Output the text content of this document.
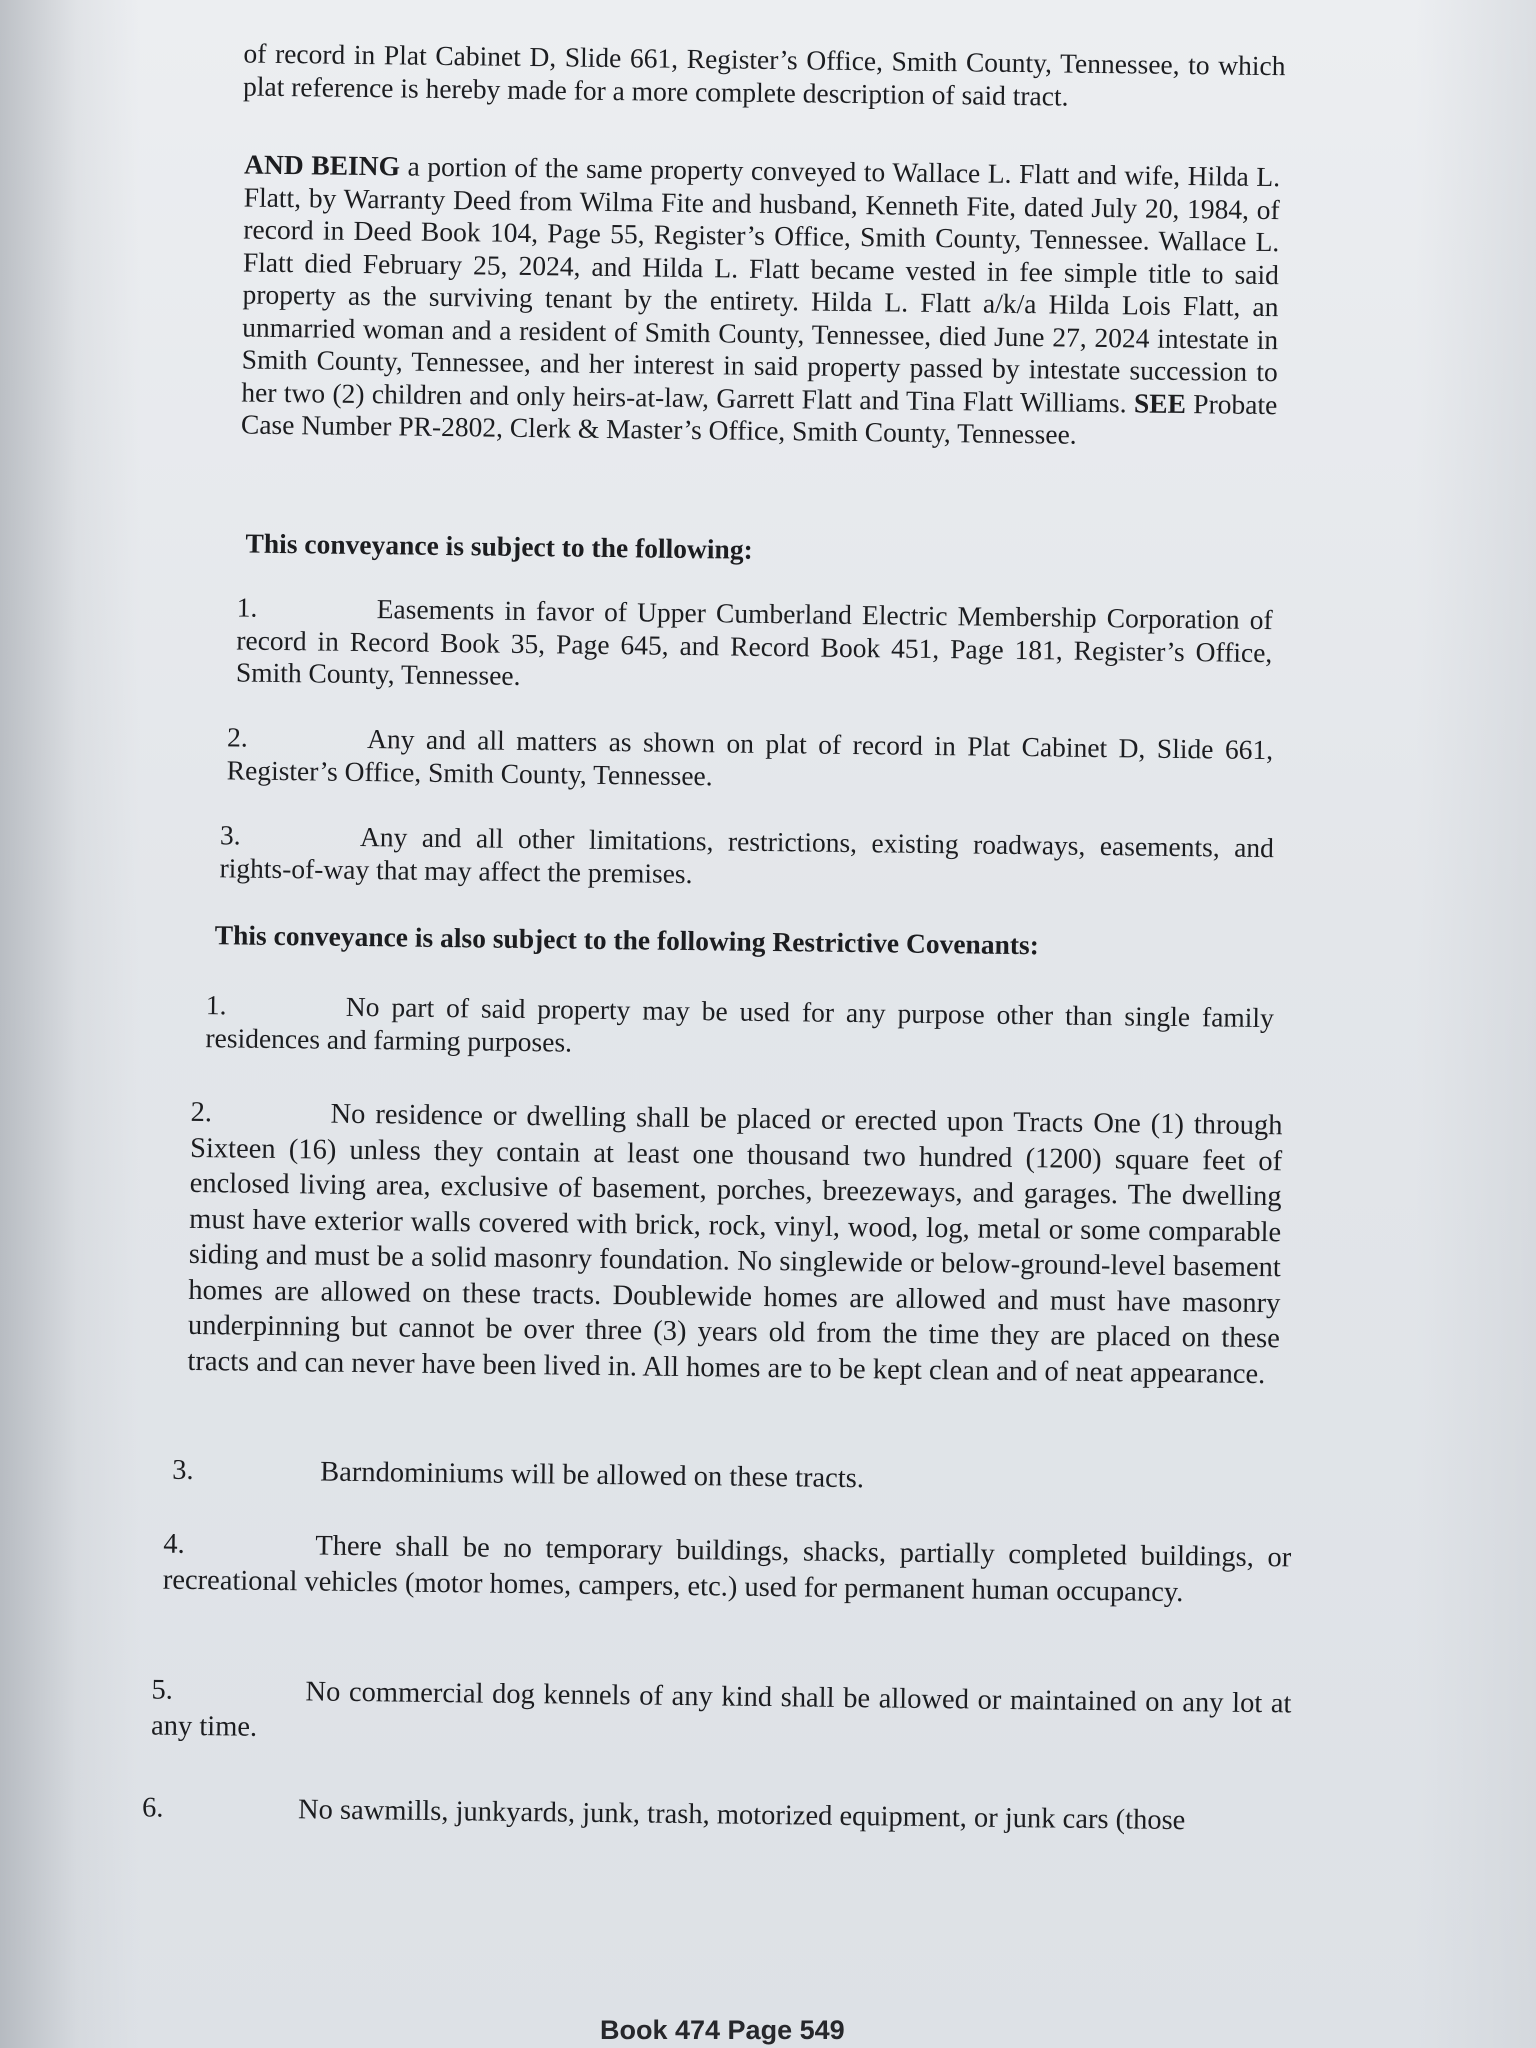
of record in Plat Cabinet D, Slide 661, Register’s Office, Smith County, Tennessee, to which plat reference is hereby made for a more complete description of said tract.

AND BEING a portion of the same property conveyed to Wallace L. Flatt and wife, Hilda L. Flatt, by Warranty Deed from Wilma Fite and husband, Kenneth Fite, dated July 20, 1984, of record in Deed Book 104, Page 55, Register’s Office, Smith County, Tennessee. Wallace L. Flatt died February 25, 2024, and Hilda L. Flatt became vested in fee simple title to said property as the surviving tenant by the entirety. Hilda L. Flatt a/k/a Hilda Lois Flatt, an unmarried woman and a resident of Smith County, Tennessee, died June 27, 2024 intestate in Smith County, Tennessee, and her interest in said property passed by intestate succession to her two (2) children and only heirs-at-law, Garrett Flatt and Tina Flatt Williams. SEE Probate Case Number PR-2802, Clerk & Master’s Office, Smith County, Tennessee.

This conveyance is subject to the following:

1.	Easements in favor of Upper Cumberland Electric Membership Corporation of record in Record Book 35, Page 645, and Record Book 451, Page 181, Register’s Office, Smith County, Tennessee.

2.	Any and all matters as shown on plat of record in Plat Cabinet D, Slide 661, Register’s Office, Smith County, Tennessee.

3.	Any and all other limitations, restrictions, existing roadways, easements, and rights-of-way that may affect the premises.

This conveyance is also subject to the following Restrictive Covenants:

1.	No part of said property may be used for any purpose other than single family residences and farming purposes.

2.	No residence or dwelling shall be placed or erected upon Tracts One (1) through Sixteen (16) unless they contain at least one thousand two hundred (1200) square feet of enclosed living area, exclusive of basement, porches, breezeways, and garages. The dwelling must have exterior walls covered with brick, rock, vinyl, wood, log, metal or some comparable siding and must be a solid masonry foundation. No singlewide or below-ground-level basement homes are allowed on these tracts. Doublewide homes are allowed and must have masonry underpinning but cannot be over three (3) years old from the time they are placed on these tracts and can never have been lived in. All homes are to be kept clean and of neat appearance.

3.	Barndominiums will be allowed on these tracts.

4.	There shall be no temporary buildings, shacks, partially completed buildings, or recreational vehicles (motor homes, campers, etc.) used for permanent human occupancy.

5.	No commercial dog kennels of any kind shall be allowed or maintained on any lot at any time.

6.	No sawmills, junkyards, junk, trash, motorized equipment, or junk cars (those

Book 474 Page 549
